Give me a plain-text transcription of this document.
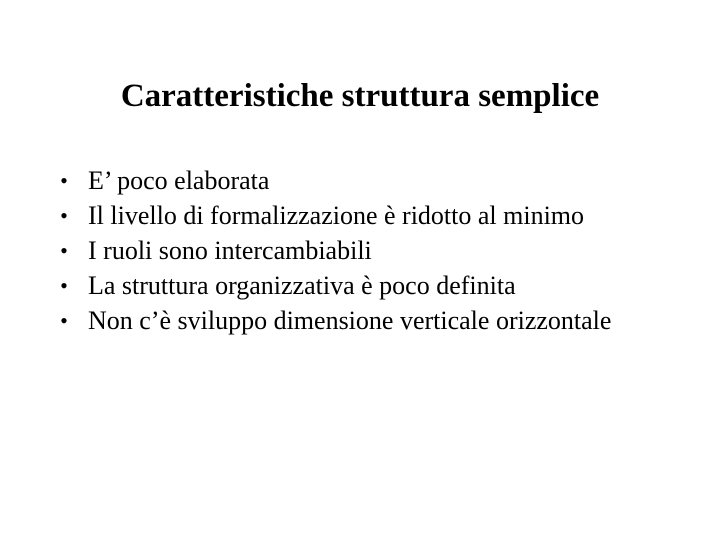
Caratteristiche struttura semplice
• E’ poco elaborata
• Il livello di formalizzazione è ridotto al minimo
• I ruoli sono intercambiabili
• La struttura organizzativa è poco definita
• Non c’è sviluppo dimensione verticale orizzontale
